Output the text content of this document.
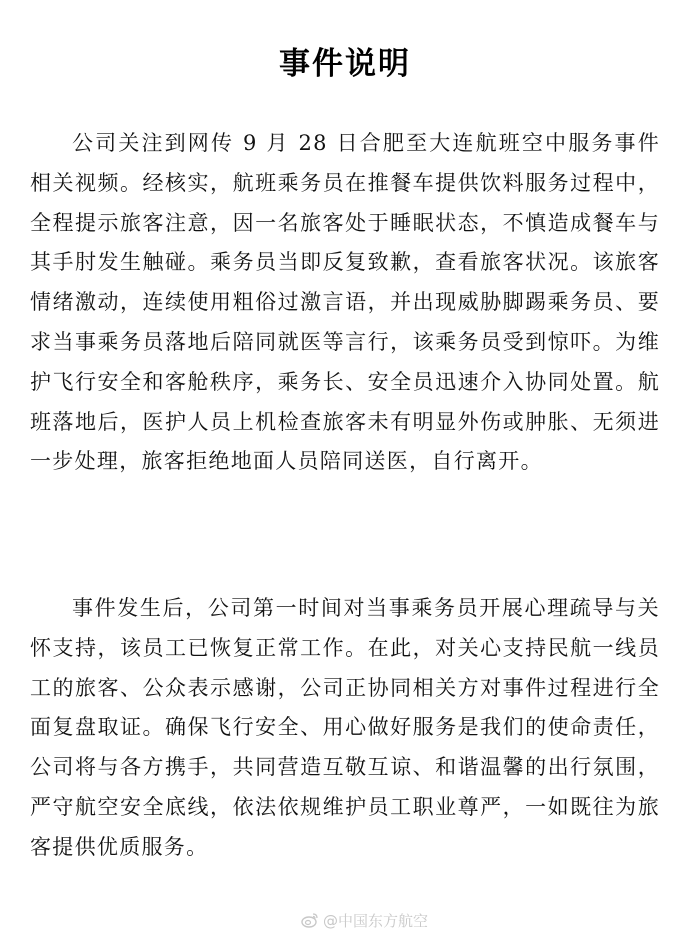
事件说明

公司关注到网传 9 月 28 日合肥至大连航班空中服务事件相关视频。经核实，航班乘务员在推餐车提供饮料服务过程中，全程提示旅客注意，因一名旅客处于睡眠状态，不慎造成餐车与其手肘发生触碰。乘务员当即反复致歉，查看旅客状况。该旅客情绪激动，连续使用粗俗过激言语，并出现威胁脚踢乘务员、要求当事乘务员落地后陪同就医等言行，该乘务员受到惊吓。为维护飞行安全和客舱秩序，乘务长、安全员迅速介入协同处置。航班落地后，医护人员上机检查旅客未有明显外伤或肿胀、无须进一步处理，旅客拒绝地面人员陪同送医，自行离开。

事件发生后，公司第一时间对当事乘务员开展心理疏导与关怀支持，该员工已恢复正常工作。在此，对关心支持民航一线员工的旅客、公众表示感谢，公司正协同相关方对事件过程进行全面复盘取证。确保飞行安全、用心做好服务是我们的使命责任，公司将与各方携手，共同营造互敬互谅、和谐温馨的出行氛围，严守航空安全底线，依法依规维护员工职业尊严，一如既往为旅客提供优质服务。

@中国东方航空
